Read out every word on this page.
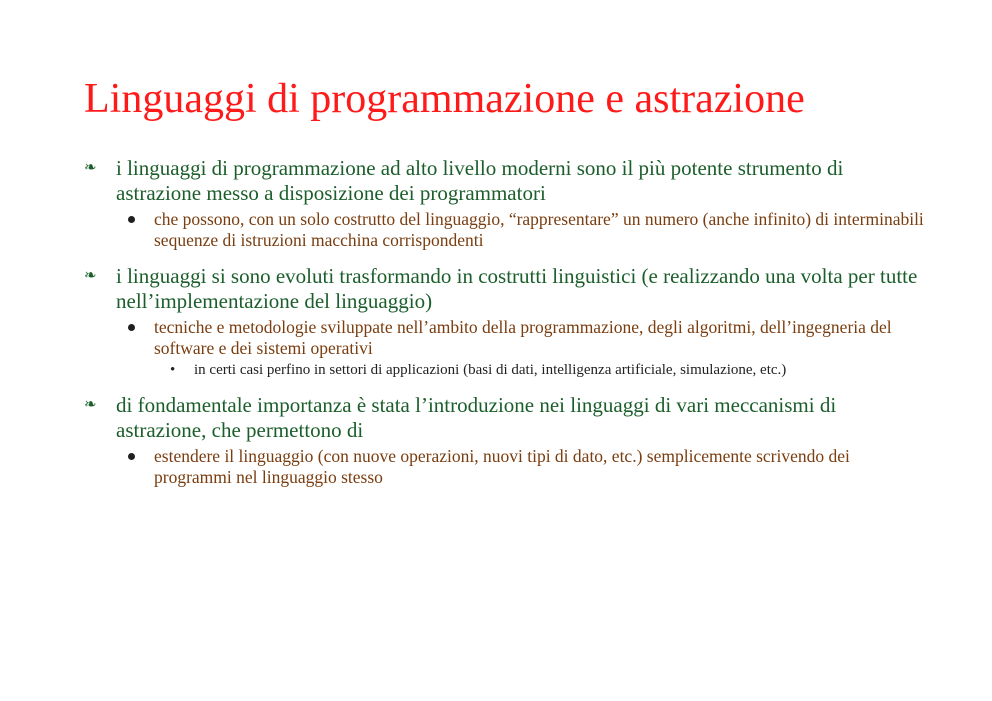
Linguaggi di programmazione e astrazione
❧ i linguaggi di programmazione ad alto livello moderni sono il più potente strumento di astrazione messo a disposizione dei programmatori
che possono, con un solo costrutto del linguaggio, “rappresentare” un numero (anche infinito) di interminabili sequenze di istruzioni macchina corrispondenti
❧ i linguaggi si sono evoluti trasformando in costrutti linguistici (e realizzando una volta per tutte nell’implementazione del linguaggio)
tecniche e metodologie sviluppate nell’ambito della programmazione, degli algoritmi, dell’ingegneria del software e dei sistemi operativi
• in certi casi perfino in settori di applicazioni (basi di dati, intelligenza artificiale, simulazione, etc.)
❧ di fondamentale importanza è stata l’introduzione nei linguaggi di vari meccanismi di astrazione, che permettono di
estendere il linguaggio (con nuove operazioni, nuovi tipi di dato, etc.) semplicemente scrivendo dei programmi nel linguaggio stesso
